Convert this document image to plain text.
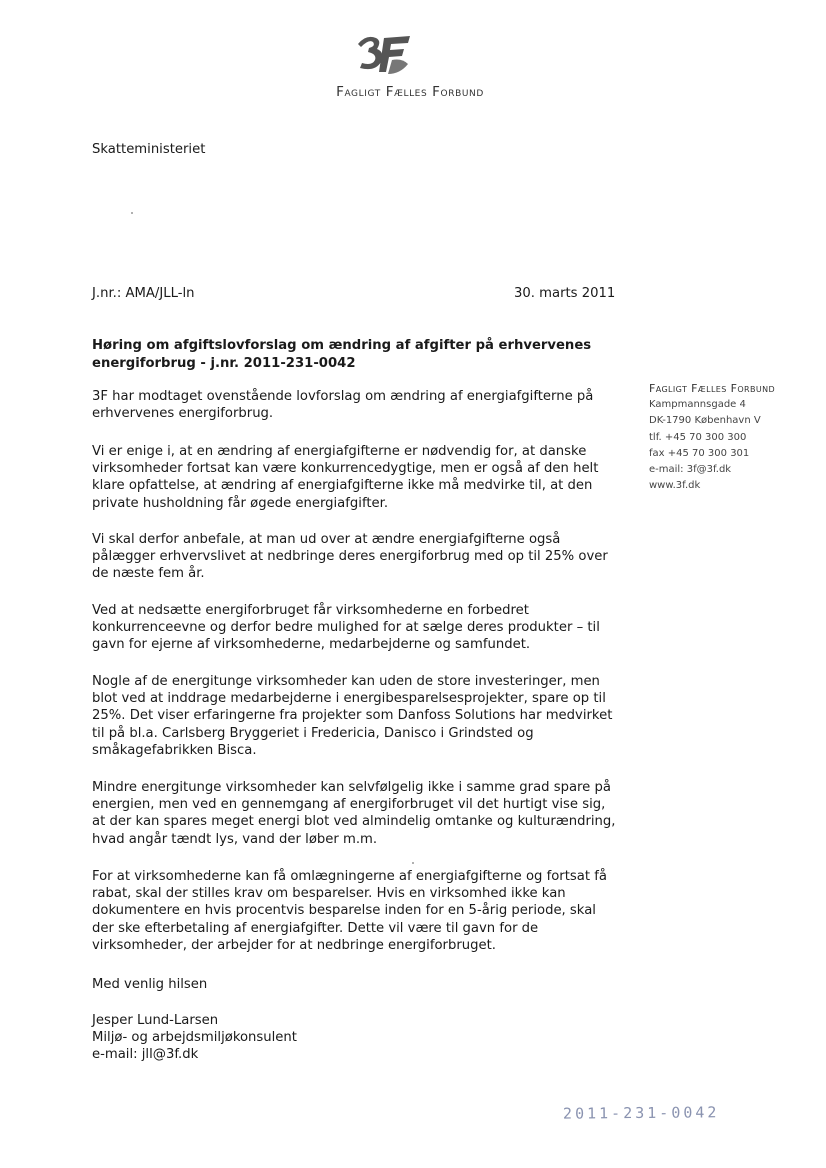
Fagligt Fælles Forbund
Skatteministeriet
J.nr.: AMA/JLL-ln	30. marts 2011
Høring om afgiftslovforslag om ændring af afgifter på erhvervenes energiforbrug - j.nr. 2011-231-0042

3F har modtaget ovenstående lovforslag om ændring af energiafgifterne på erhvervenes energiforbrug.

Vi er enige i, at en ændring af energiafgifterne er nødvendig for, at danske virksomheder fortsat kan være konkurrencedygtige, men er også af den helt klare opfattelse, at ændring af energiafgifterne ikke må medvirke til, at den private husholdning får øgede energiafgifter.

Vi skal derfor anbefale, at man ud over at ændre energiafgifterne også pålægger erhvervslivet at nedbringe deres energiforbrug med op til 25% over de næste fem år.

Ved at nedsætte energiforbruget får virksomhederne en forbedret konkurrenceevne og derfor bedre mulighed for at sælge deres produkter – til gavn for ejerne af virksomhederne, medarbejderne og samfundet.

Nogle af de energitunge virksomheder kan uden de store investeringer, men blot ved at inddrage medarbejderne i energibesparelsesprojekter, spare op til 25%. Det viser erfaringerne fra projekter som Danfoss Solutions har medvirket til på bl.a. Carlsberg Bryggeriet i Fredericia, Danisco i Grindsted og småkagefabrikken Bisca.

Mindre energitunge virksomheder kan selvfølgelig ikke i samme grad spare på energien, men ved en gennemgang af energiforbruget vil det hurtigt vise sig, at der kan spares meget energi blot ved almindelig omtanke og kulturændring, hvad angår tændt lys, vand der løber m.m.

For at virksomhederne kan få omlægningerne af energiafgifterne og fortsat få rabat, skal der stilles krav om besparelser. Hvis en virksomhed ikke kan dokumentere en hvis procentvis besparelse inden for en 5-årig periode, skal der ske efterbetaling af energiafgifter. Dette vil være til gavn for de virksomheder, der arbejder for at nedbringe energiforbruget.

Med venlig hilsen
Jesper Lund-Larsen
Miljø- og arbejdsmiljøkonsulent
e-mail: jll@3f.dk
Fagligt Fælles Forbund
Kampmannsgade 4
DK-1790 København V
tlf. +45 70 300 300
fax +45 70 300 301
e-mail: 3f@3f.dk
www.3f.dk
2011-231-0042
